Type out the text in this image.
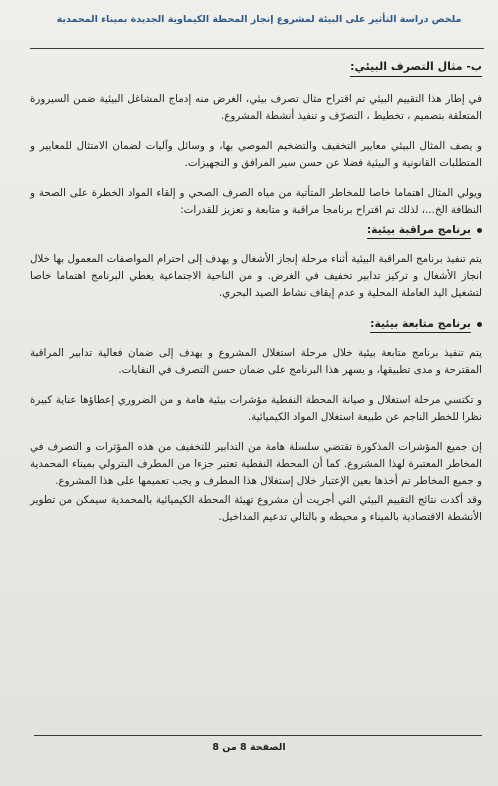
ملخص دراسة التأثير على البيئة لمشروع إنجاز المحطة الكيماوية الجديدة بميناء المحمدية
ب- مثال التصرف البيئي:

في إطار هذا التقييم البيئي تم اقتراح مثال تصرف بيئي، الغرض منه إدماج المشاغل البيئية ضمن السيرورة المتعلقة بتصميم ، تخطيط ، التصرّف و تنفيذ أنشطة المشروع.

و يصف المثال البيئي معايير التخفيف والتضخيم الموصي بها، و وسائل وآليات لضمان الامتثال للمعايير و المتطلبات القانونية و البيئية فضلا عن حسن سير المرافق و التجهيزات.

ويولي المثال اهتماما خاصا للمخاطر المتأتية من مياه الصرف الصحي و إلقاء المواد الخطرة على الصحة و النظافة الخ...، لذلك تم اقتراح برنامجا مراقبة و متابعة و تعزيز للقدرات:

برنامج مراقبة بيئية:

يتم تنفيذ برنامج المراقبة البيئية أثناء مرحلة إنجاز الأشغال و يهدف إلى احترام المواصفات المعمول بها خلال انجاز الأشغال و تركيز تدابير تخفيف في الغرض. و من الناحية الاجتماعية يعطي البرنامج اهتماما خاصا لتشغيل اليد العاملة المحلية و عدم إيقاف نشاط الصيد البحري.

برنامج متابعة بيئية:

يتم تنفيذ برنامج متابعة بيئية خلال مرحلة استغلال المشروع و يهدف إلى ضمان فعالية تدابير المراقبة المقترحة و مدى تطبيقها، و يسهر هذا البرنامج على ضمان حسن التصرف في النفايات.

و تكتسي مرحلة استغلال و صيانة المحطة النفطية مؤشرات بيئية هامة و من الضروري إعطاؤها عناية كبيرة نظرا للخطر الناجم عن طبيعة استغلال المواد الكيميائية.

إن جميع المؤشرات المذكورة تقتضي سلسلة هامة من التدابير للتخفيف من هذه المؤثرات و التصرف في المخاطر المعتبرة لهذا المشروع. كما أن المحطة النفطية تعتبر جزءا من المطرف البترولي بميناء المحمدية و جميع المخاطر تم أخذها بعين الإعتبار خلال إستغلال هذا المطرف و يجب تعميمها على هذا المشروع.

وقد أكدت نتائج التقييم البيئي التي أجريت أن مشروع تهيئة المحطة الكيميائية بالمحمدية سيمكن من تطوير الأنشطة الاقتصادية بالميناء و محيطه و بالتالي تدعيم المداخيل.

الصفحة 8 من 8
